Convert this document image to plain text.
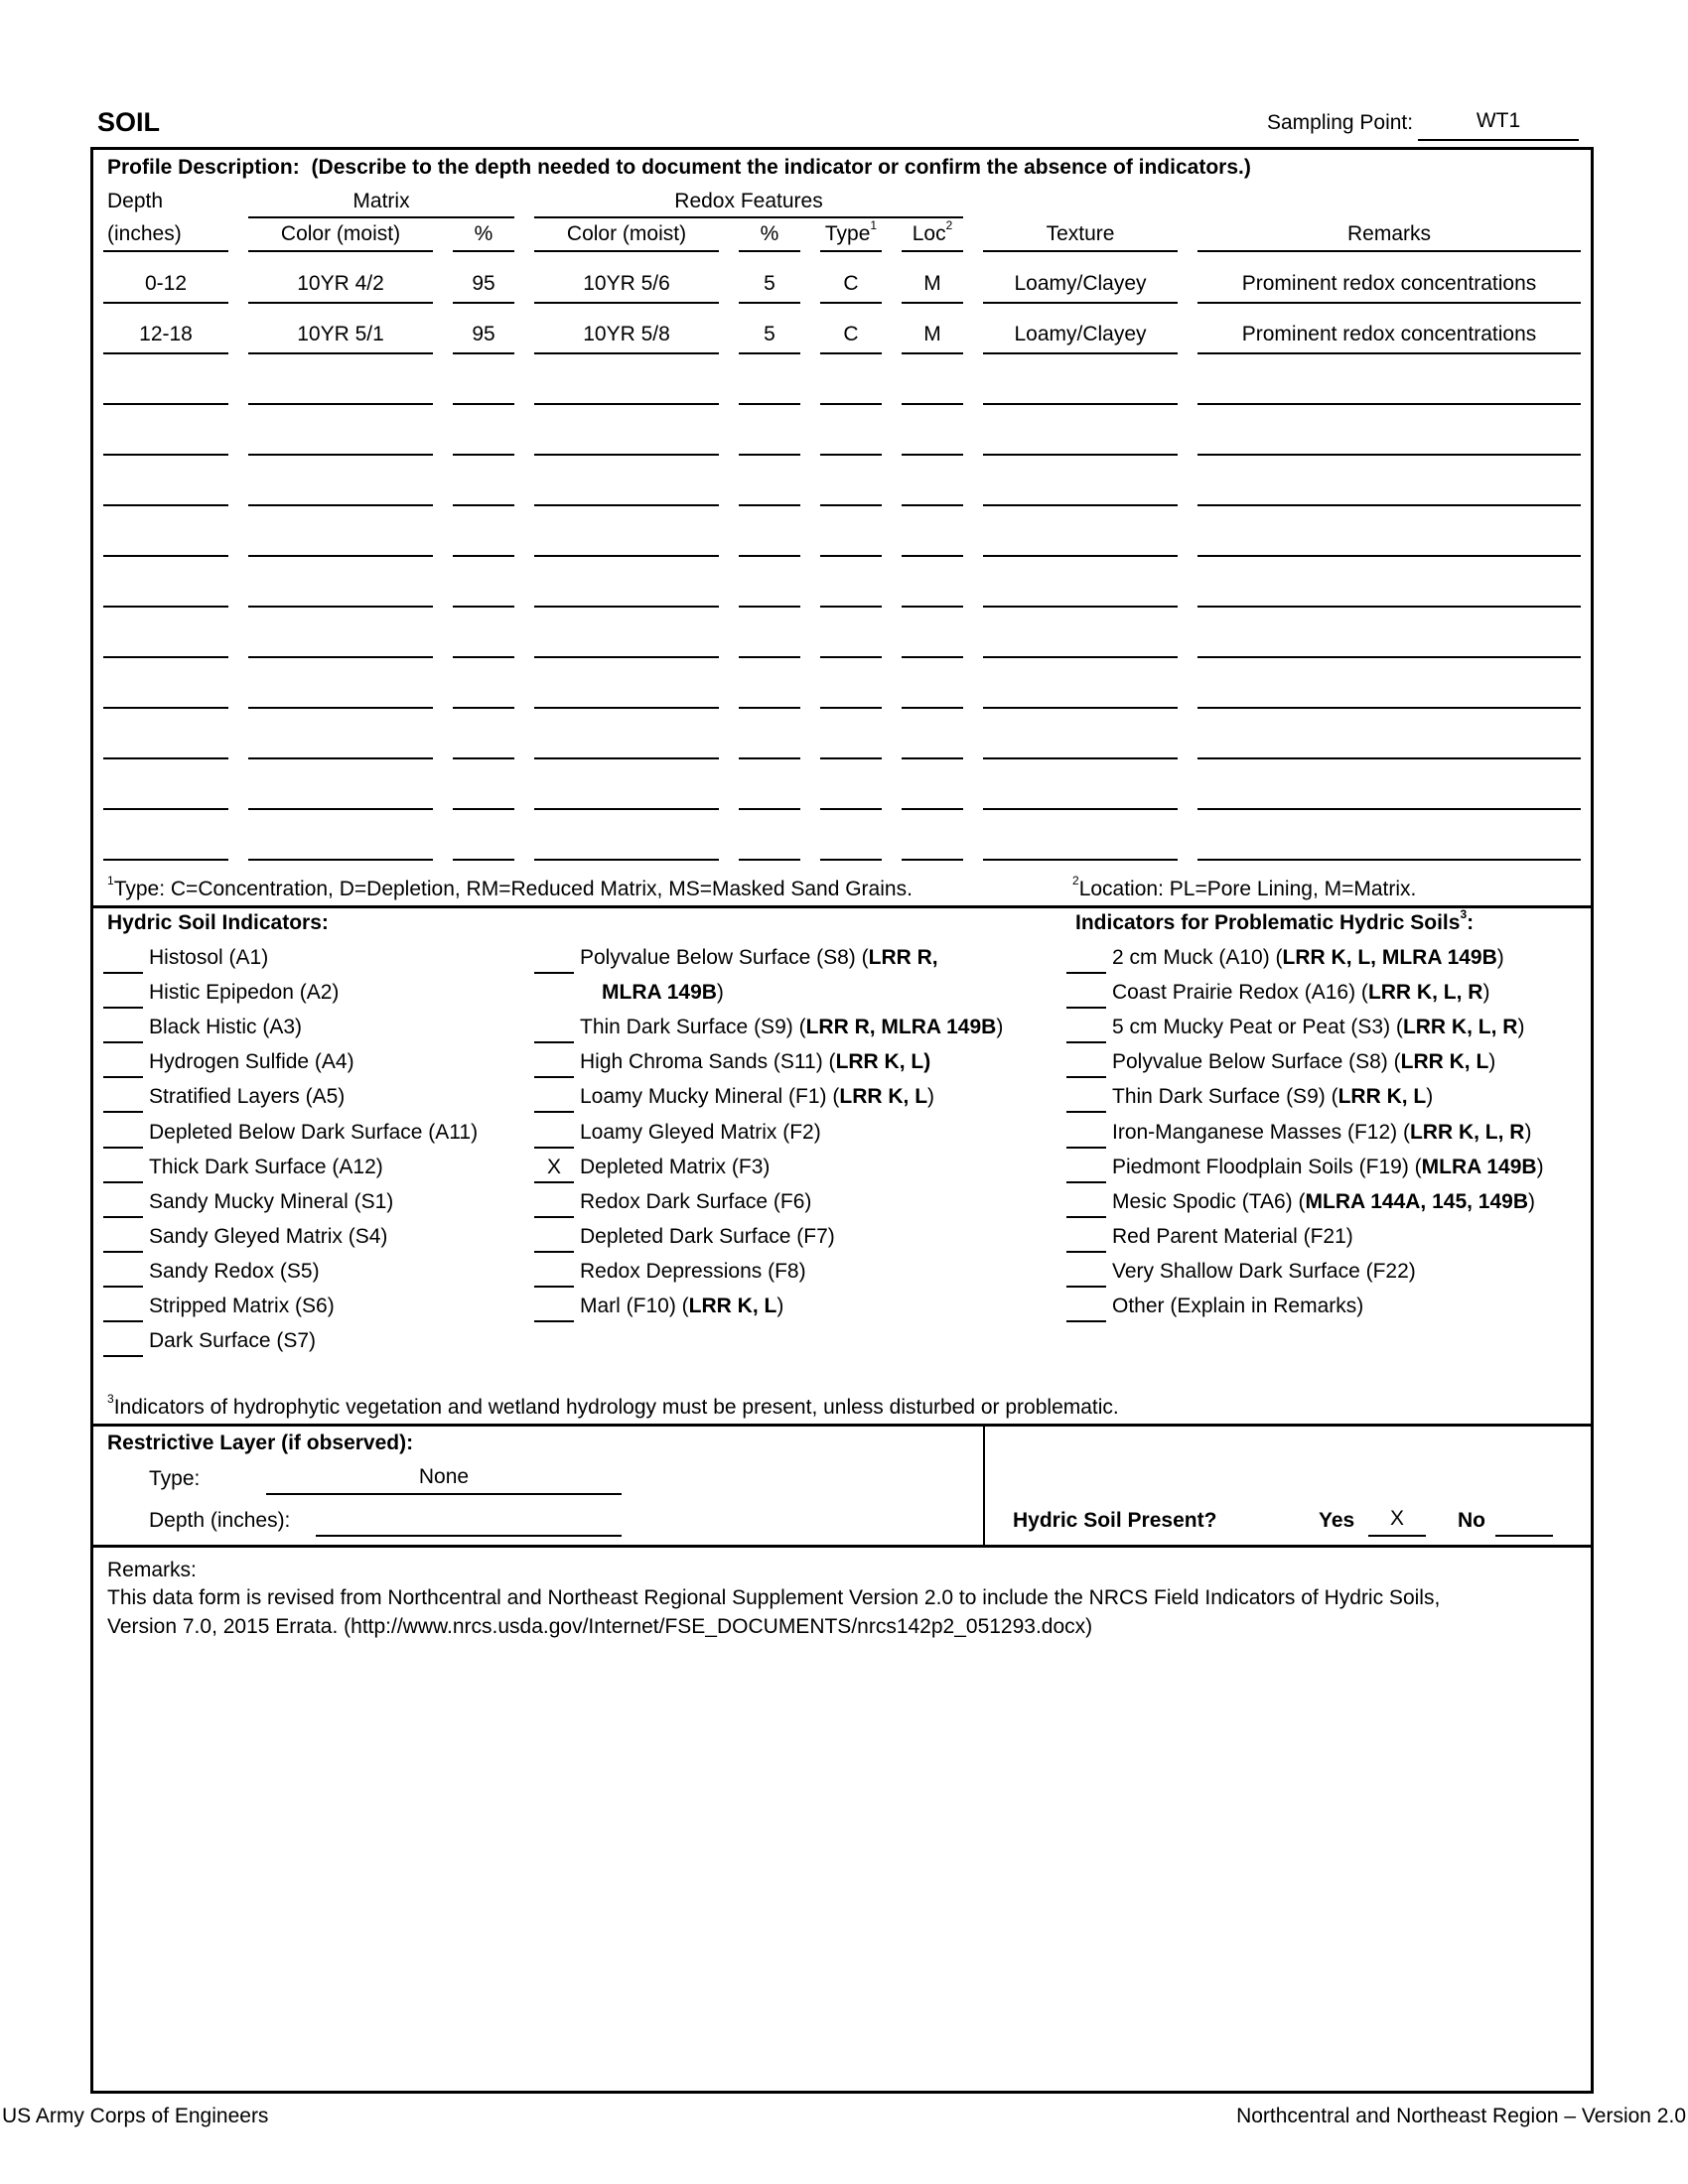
SOIL	Sampling Point:	WT1
Profile Description: (Describe to the depth needed to document the indicator or confirm the absence of indicators.)
Depth
(inches)
Matrix	Redox Features
Color (moist)	%	Color (moist)	%	Type$^1$	Loc$^2$	Texture	Remarks
0-12	10YR 4/2	95	10YR 5/6	5	C	M	Loamy/Clayey	Prominent redox concentrations
12-18	10YR 5/1	95	10YR 5/8	5	C	M	Loamy/Clayey	Prominent redox concentrations
$^1$Type: C=Concentration, D=Depletion, RM=Reduced Matrix, MS=Masked Sand Grains.	$^2$Location: PL=Pore Lining, M=Matrix.
Hydric Soil Indicators:	Indicators for Problematic Hydric Soils$^3$:
Histosol (A1)
Histic Epipedon (A2)
Black Histic (A3)
Hydrogen Sulfide (A4)
Stratified Layers (A5)
Depleted Below Dark Surface (A11)
Thick Dark Surface (A12)
Sandy Mucky Mineral (S1)
Sandy Gleyed Matrix (S4)
Sandy Redox (S5)
Stripped Matrix (S6)
Dark Surface (S7)
Polyvalue Below Surface (S8) (LRR R,
MLRA 149B)
Thin Dark Surface (S9) (LRR R, MLRA 149B)
High Chroma Sands (S11) (LRR K, L)
Loamy Mucky Mineral (F1) (LRR K, L)
Loamy Gleyed Matrix (F2)
X Depleted Matrix (F3)
Redox Dark Surface (F6)
Depleted Dark Surface (F7)
Redox Depressions (F8)
Marl (F10) (LRR K, L)
2 cm Muck (A10) (LRR K, L, MLRA 149B)
Coast Prairie Redox (A16) (LRR K, L, R)
5 cm Mucky Peat or Peat (S3) (LRR K, L, R)
Polyvalue Below Surface (S8) (LRR K, L)
Thin Dark Surface (S9) (LRR K, L)
Iron-Manganese Masses (F12) (LRR K, L, R)
Piedmont Floodplain Soils (F19) (MLRA 149B)
Mesic Spodic (TA6) (MLRA 144A, 145, 149B)
Red Parent Material (F21)
Very Shallow Dark Surface (F22)
Other (Explain in Remarks)
$^3$Indicators of hydrophytic vegetation and wetland hydrology must be present, unless disturbed or problematic.
Restrictive Layer (if observed):
Type:	None
Depth (inches):	Hydric Soil Present?	Yes	X	No
Remarks:
This data form is revised from Northcentral and Northeast Regional Supplement Version 2.0 to include the NRCS Field Indicators of Hydric Soils,
Version 7.0, 2015 Errata. (http://www.nrcs.usda.gov/Internet/FSE_DOCUMENTS/nrcs142p2_051293.docx)
US Army Corps of Engineers	Northcentral and Northeast Region – Version 2.0
